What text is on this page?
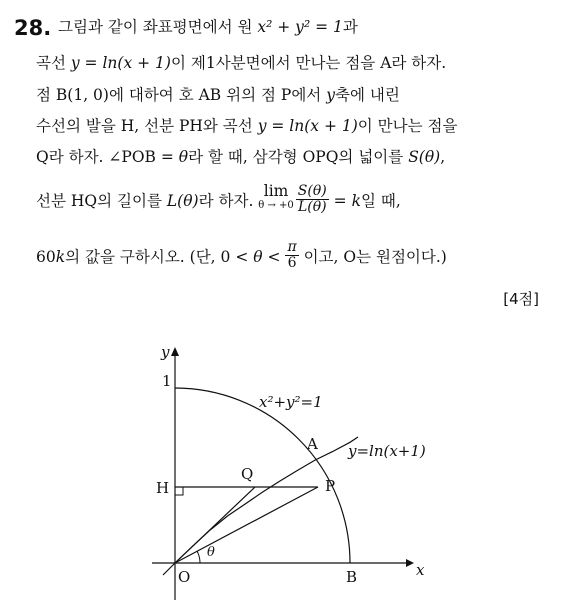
28. 그림과 같이 좌표평면에서 원 x² + y² = 1과
곡선 y = ln(x + 1)이 제1사분면에서 만나는 점을 A라 하자.
점 B(1, 0)에 대하여 호 AB 위의 점 P에서 y축에 내린
수선의 발을 H, 선분 PH와 곡선 y = ln(x + 1)이 만나는 점을
Q라 하자. ∠POB = θ라 할 때, 삼각형 OPQ의 넓이를 S(θ),
선분 HQ의 길이를 L(θ)라 하자.
lim
$\theta \to +0 \frac{S(\theta)}{L(\theta)} = k$일 때,
60k의 값을 구하시오. (단, $0 < \theta < \frac{\pi}{6}$ 이고, O는 원점이다.)
[4점]
y
x
1
O	B
A
H
Q
P
θ
x²+y²=1
y=ln(x+1)
